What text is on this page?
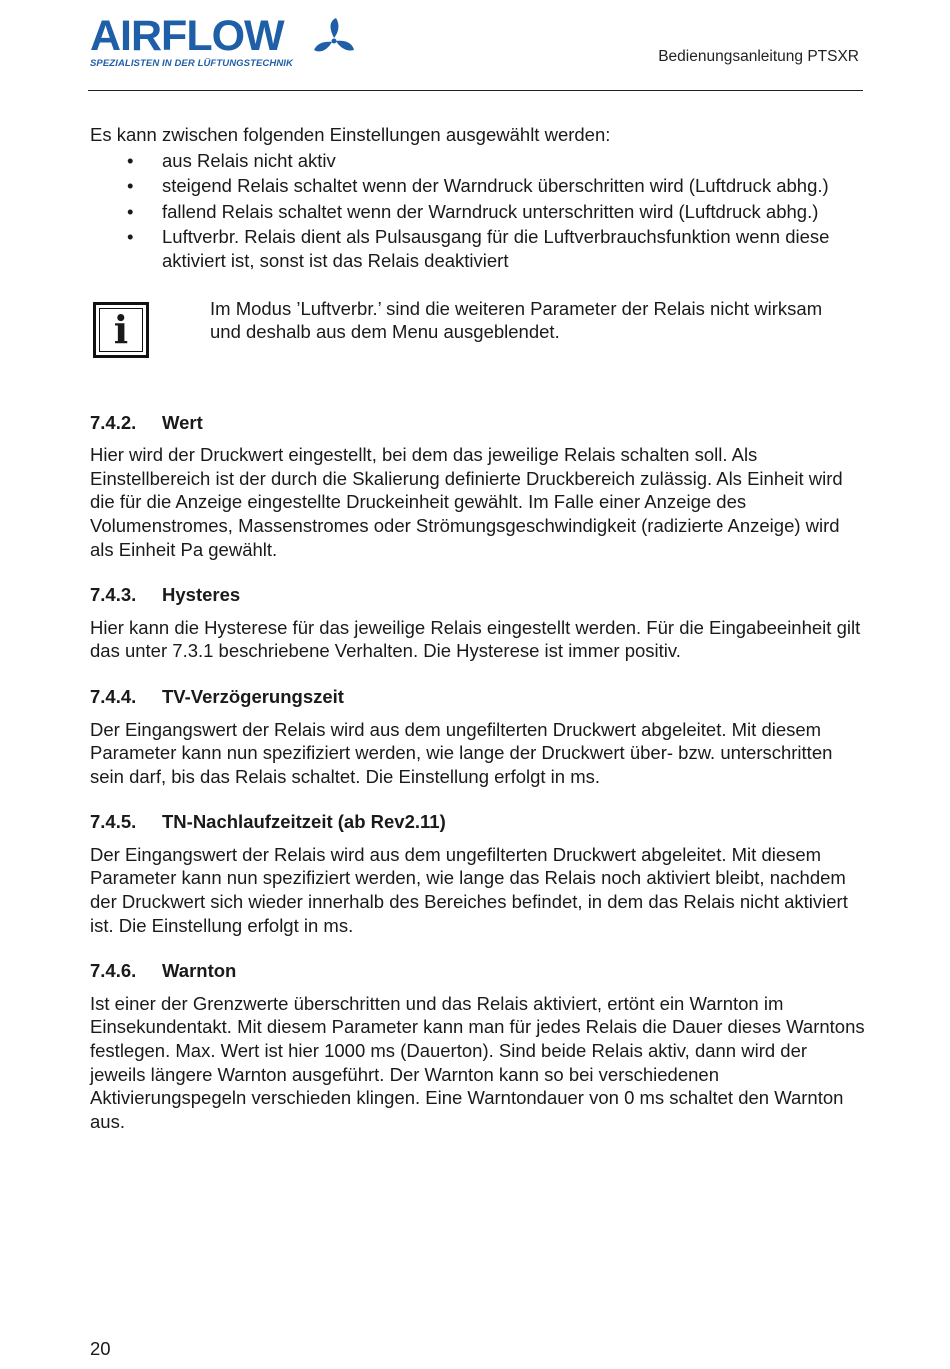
AIRFLOW
SPEZIALISTEN IN DER LÜFTUNGSTECHNIK	Bedienungsanleitung PTSXR

Es kann zwischen folgenden Einstellungen ausgewählt werden:

• aus Relais nicht aktiv
• steigend Relais schaltet wenn der Warndruck überschritten wird (Luftdruck abhg.)
• fallend Relais schaltet wenn der Warndruck unterschritten wird (Luftdruck abhg.)
• Luftverbr. Relais dient als Pulsausgang für die Luftverbrauchsfunktion wenn diese aktiviert ist, sonst ist das Relais deaktiviert
i	Im Modus ’Luftverbr.’ sind die weiteren Parameter der Relais nicht wirksam und deshalb aus dem Menu ausgeblendet.

7.4.2. Wert

Hier wird der Druckwert eingestellt, bei dem das jeweilige Relais schalten soll. Als Einstellbereich ist der durch die Skalierung definierte Druckbereich zulässig. Als Einheit wird die für die Anzeige eingestellte Druckeinheit gewählt. Im Falle einer Anzeige des Volumenstromes, Massenstromes oder Strömungsgeschwindigkeit (radizierte Anzeige) wird als Einheit Pa gewählt.

7.4.3. Hysteres

Hier kann die Hysterese für das jeweilige Relais eingestellt werden. Für die Eingabeeinheit gilt das unter 7.3.1 beschriebene Verhalten. Die Hysterese ist immer positiv.

7.4.4. TV-Verzögerungszeit

Der Eingangswert der Relais wird aus dem ungefilterten Druckwert abgeleitet. Mit diesem Parameter kann nun spezifiziert werden, wie lange der Druckwert über- bzw. unterschritten sein darf, bis das Relais schaltet. Die Einstellung erfolgt in ms.

7.4.5. TN-Nachlaufzeitzeit (ab Rev2.11)

Der Eingangswert der Relais wird aus dem ungefilterten Druckwert abgeleitet. Mit diesem Parameter kann nun spezifiziert werden, wie lange das Relais noch aktiviert bleibt, nachdem der Druckwert sich wieder innerhalb des Bereiches befindet, in dem das Relais nicht aktiviert ist. Die Einstellung erfolgt in ms.

7.4.6. Warnton

Ist einer der Grenzwerte überschritten und das Relais aktiviert, ertönt ein Warnton im Einsekundentakt. Mit diesem Parameter kann man für jedes Relais die Dauer dieses Warntons festlegen. Max. Wert ist hier 1000 ms (Dauerton). Sind beide Relais aktiv, dann wird der jeweils längere Warnton ausgeführt. Der Warnton kann so bei verschiedenen Aktivierungspegeln verschieden klingen. Eine Warntondauer von 0 ms schaltet den Warnton aus.

20
